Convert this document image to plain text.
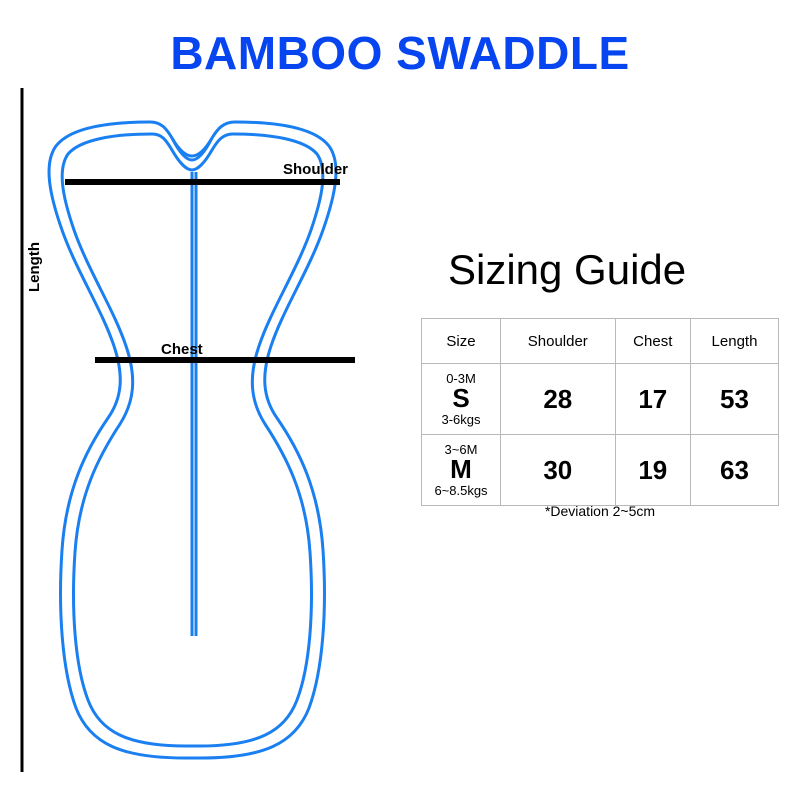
BAMBOO SWADDLE
Shoulder
Chest
Length	Sizing Guide
Size	Shoulder	Chest	Length

0-3M
S
3-6kgs	28	17	53

3~6M
M
6~8.5kgs	30	19	63
*Deviation 2~5cm
